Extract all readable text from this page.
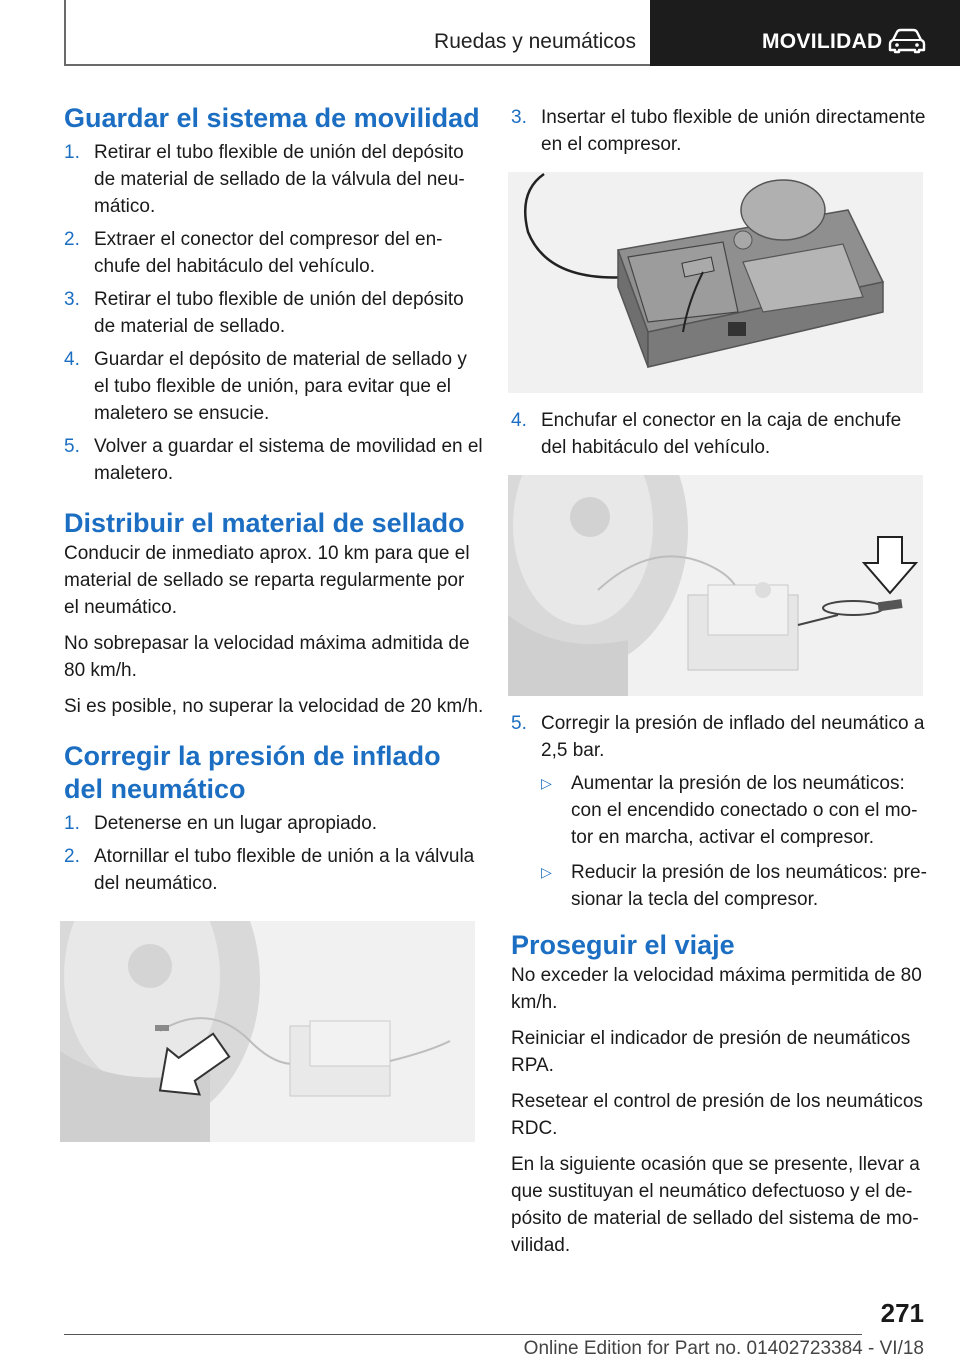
Ruedas y neumáticos	MOVILIDAD
Guardar el sistema de movilidad
1. Retirar el tubo flexible de unión del depósito de material de sellado de la válvula del neu-mático.
2. Extraer el conector del compresor del en-chufe del habitáculo del vehículo.
3. Retirar el tubo flexible de unión del depósito de material de sellado.
4. Guardar el depósito de material de sellado y el tubo flexible de unión, para evitar que el maletero se ensucie.
5. Volver a guardar el sistema de movilidad en el maletero.
Distribuir el material de sellado

Conducir de inmediato aprox. 10 km para que el material de sellado se reparta regularmente por el neumático.

No sobrepasar la velocidad máxima admitida de 80 km/h.

Si es posible, no superar la velocidad de 20 km/h.

Corregir la presión de inflado del neumático
1. Detenerse en un lugar apropiado.
2. Atornillar el tubo flexible de unión a la válvula del neumático.
3. Insertar el tubo flexible de unión directamente en el compresor.
4. Enchufar el conector en la caja de enchufe del habitáculo del vehículo.
5. Corregir la presión de inflado del neumático a 2,5 bar.
▷ Aumentar la presión de los neumáticos: con el encendido conectado o con el mo-tor en marcha, activar el compresor.
▷ Reducir la presión de los neumáticos: pre-sionar la tecla del compresor.
Proseguir el viaje

No exceder la velocidad máxima permitida de 80 km/h.

Reiniciar el indicador de presión de neumáticos RPA.

Resetear el control de presión de los neumáticos RDC.

En la siguiente ocasión que se presente, llevar a que sustituyan el neumático defectuoso y el de-pósito de material de sellado del sistema de mo-vilidad.

271
Online Edition for Part no. 01402723384 - VI/18
